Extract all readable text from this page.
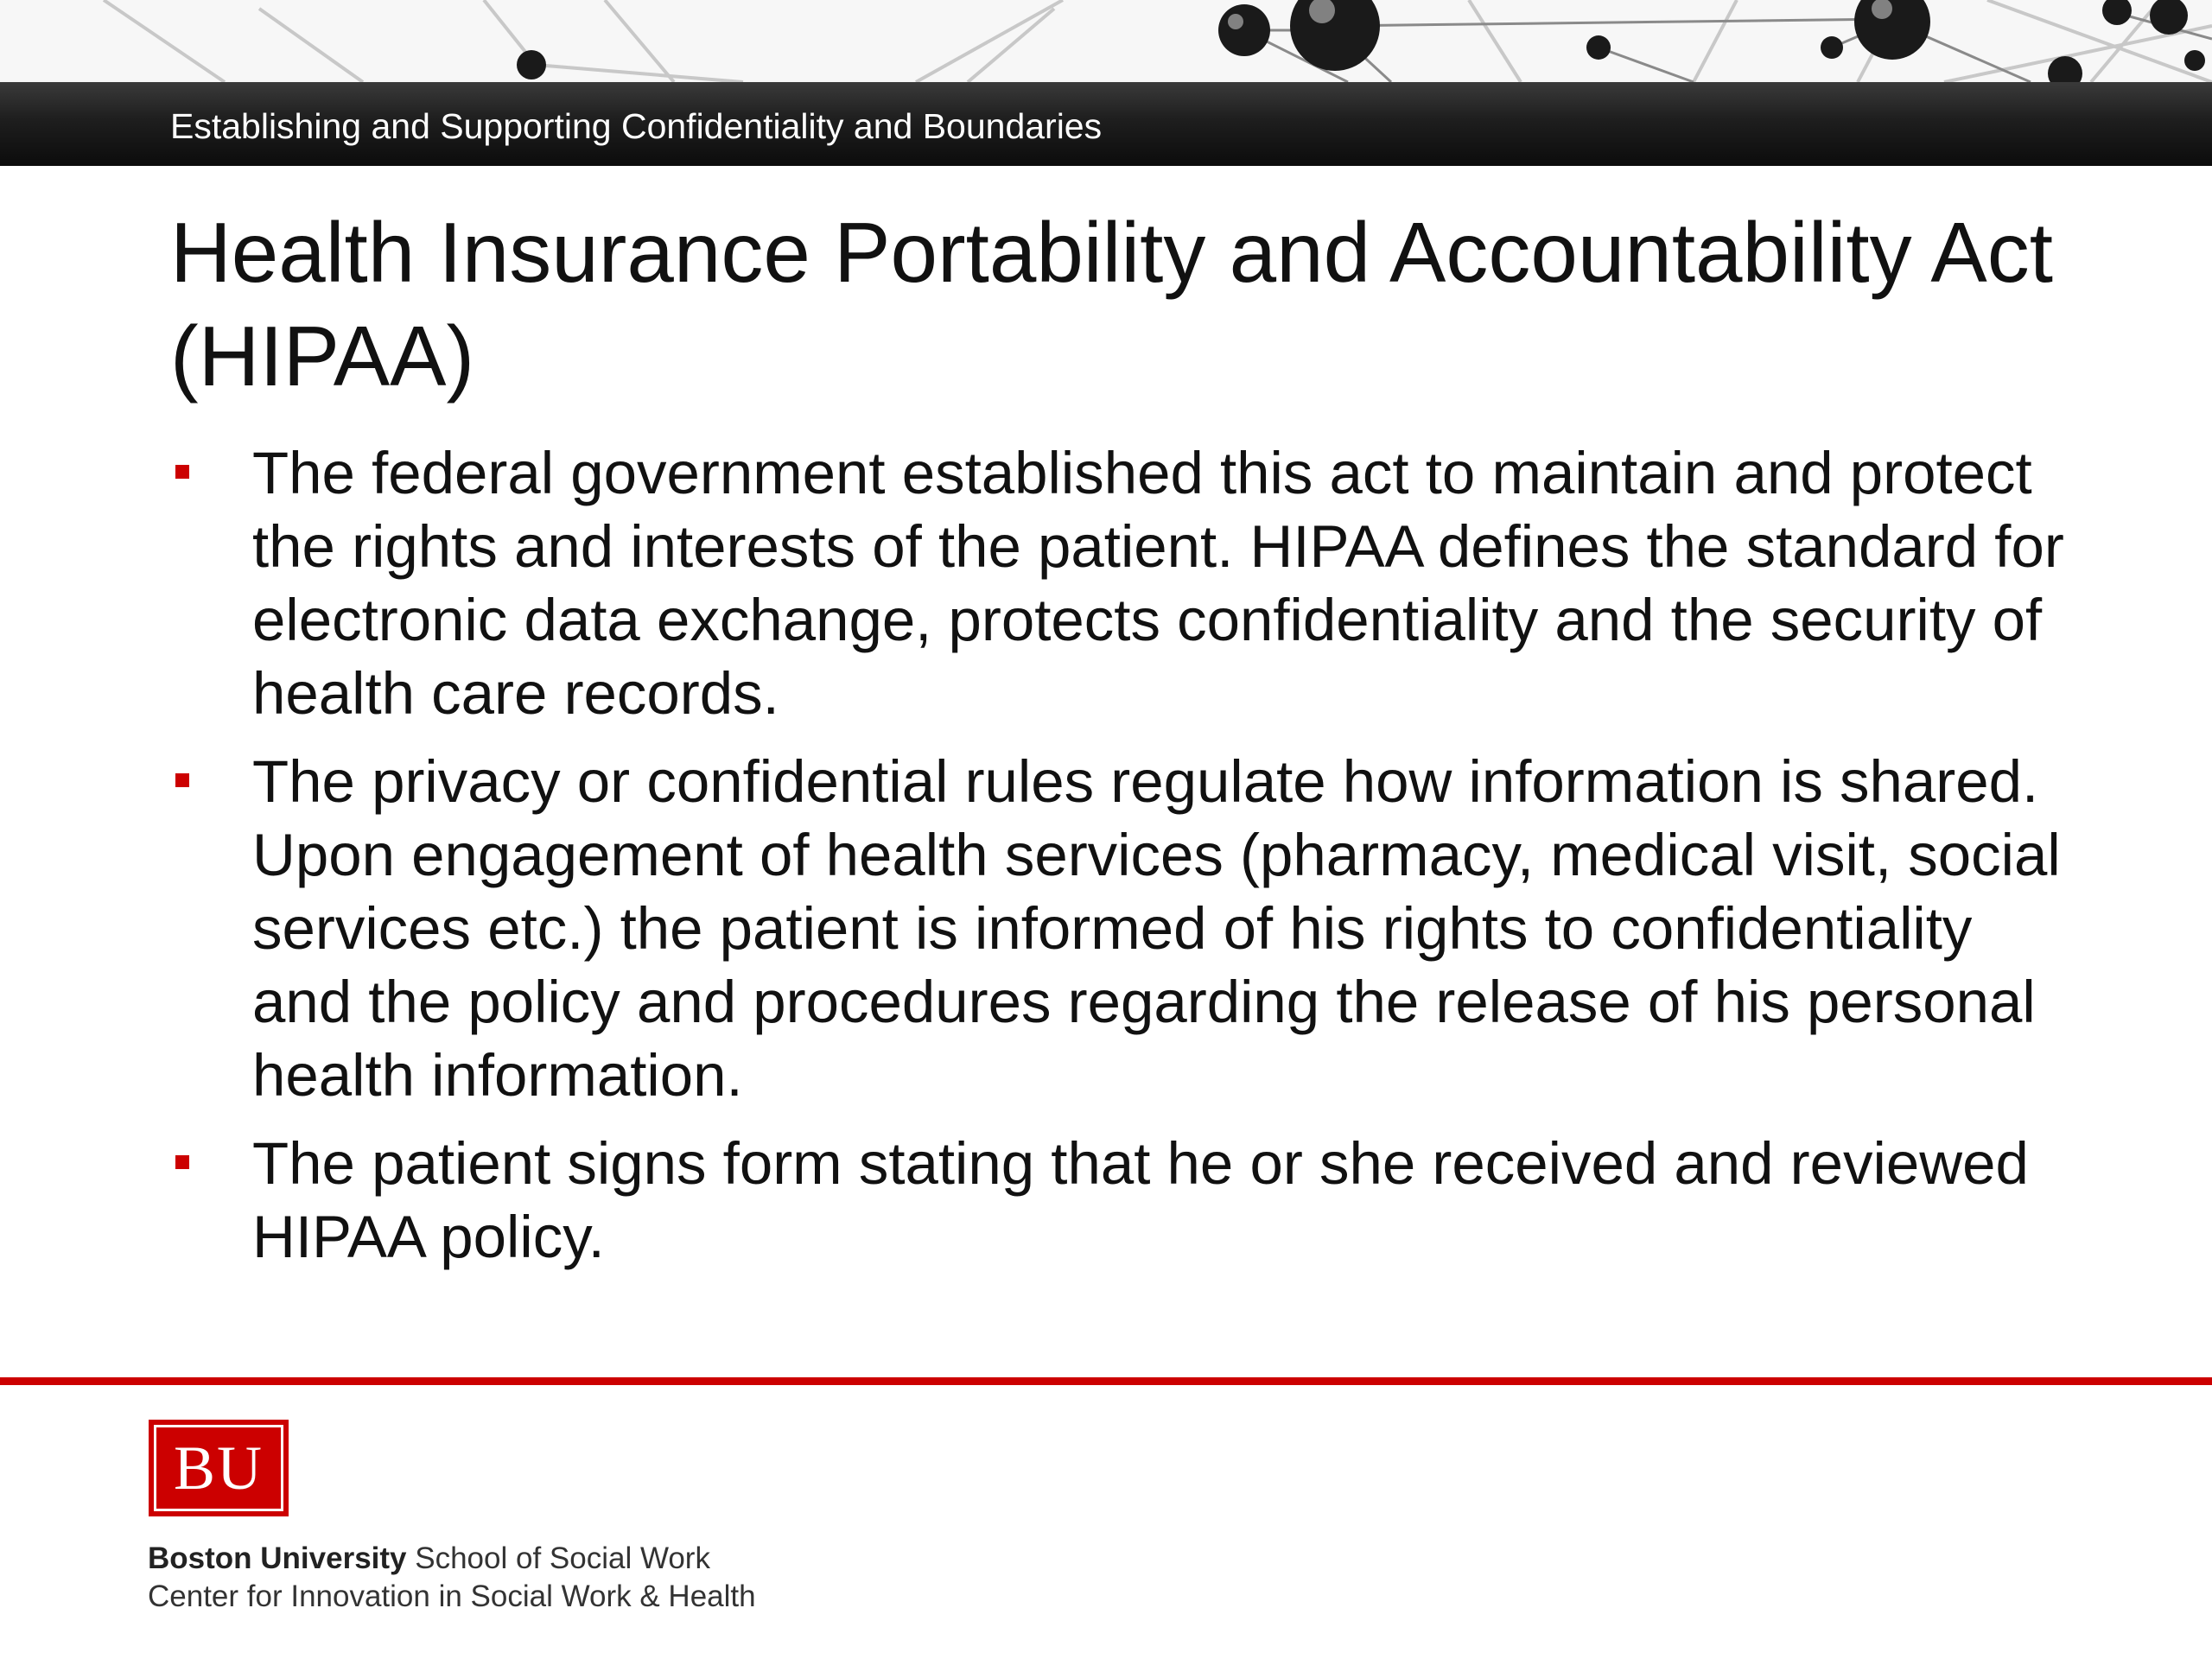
Establishing and Supporting Confidentiality and Boundaries
Health Insurance Portability and Accountability Act (HIPAA)
The federal government established this act to maintain and protect the rights and interests of the patient. HIPAA defines the standard for electronic data exchange, protects confidentiality and the security of health care records.
The privacy or confidential rules regulate how information is shared. Upon engagement of health services (pharmacy, medical visit, social services etc.) the patient is informed of his rights to confidentiality and the policy and procedures regarding the release of his personal health information.
The patient signs form stating that he or she received and reviewed HIPAA policy.
BU
Boston University School of Social Work
Center for Innovation in Social Work & Health
